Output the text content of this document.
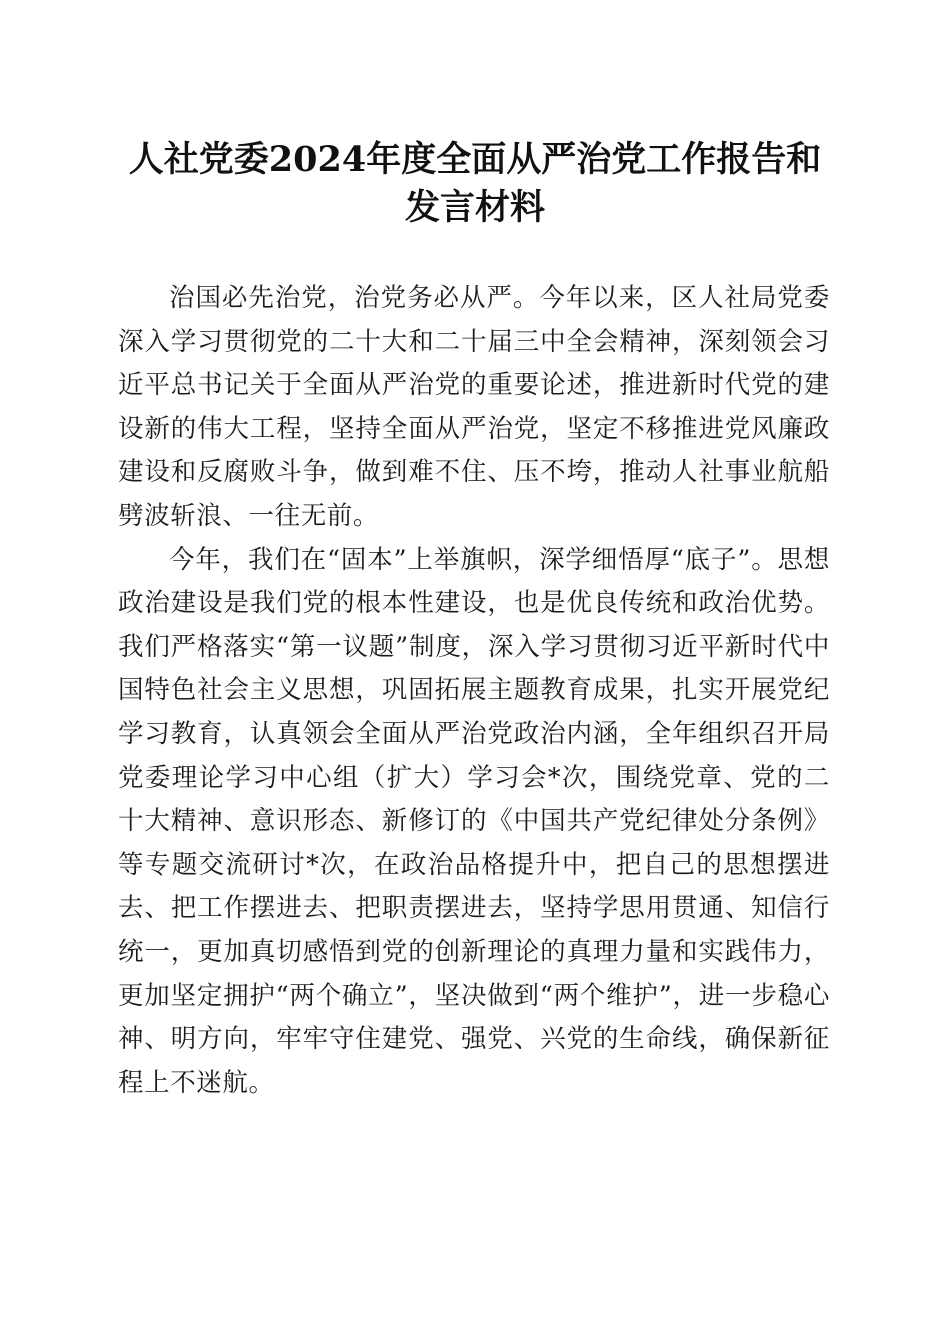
人社党委2024年度全面从严治党工作报告和
发言材料

治国必先治党，治党务必从严。今年以来，区人社局党委深入学习贯彻党的二十大和二十届三中全会精神，深刻领会习近平总书记关于全面从严治党的重要论述，推进新时代党的建设新的伟大工程，坚持全面从严治党，坚定不移推进党风廉政建设和反腐败斗争，做到难不住、压不垮，推动人社事业航船劈波斩浪、一往无前。

今年，我们在“固本”上举旗帜，深学细悟厚“底子”。思想政治建设是我们党的根本性建设，也是优良传统和政治优势。我们严格落实“第一议题”制度，深入学习贯彻习近平新时代中国特色社会主义思想，巩固拓展主题教育成果，扎实开展党纪学习教育，认真领会全面从严治党政治内涵，全年组织召开局党委理论学习中心组（扩大）学习会*次，围绕党章、党的二十大精神、意识形态、新修订的《中国共产党纪律处分条例》等专题交流研讨*次，在政治品格提升中，把自己的思想摆进去、把工作摆进去、把职责摆进去，坚持学思用贯通、知信行统一，更加真切感悟到党的创新理论的真理力量和实践伟力，更加坚定拥护“两个确立”，坚决做到“两个维护”，进一步稳心神、明方向，牢牢守住建党、强党、兴党的生命线，确保新征程上不迷航。
